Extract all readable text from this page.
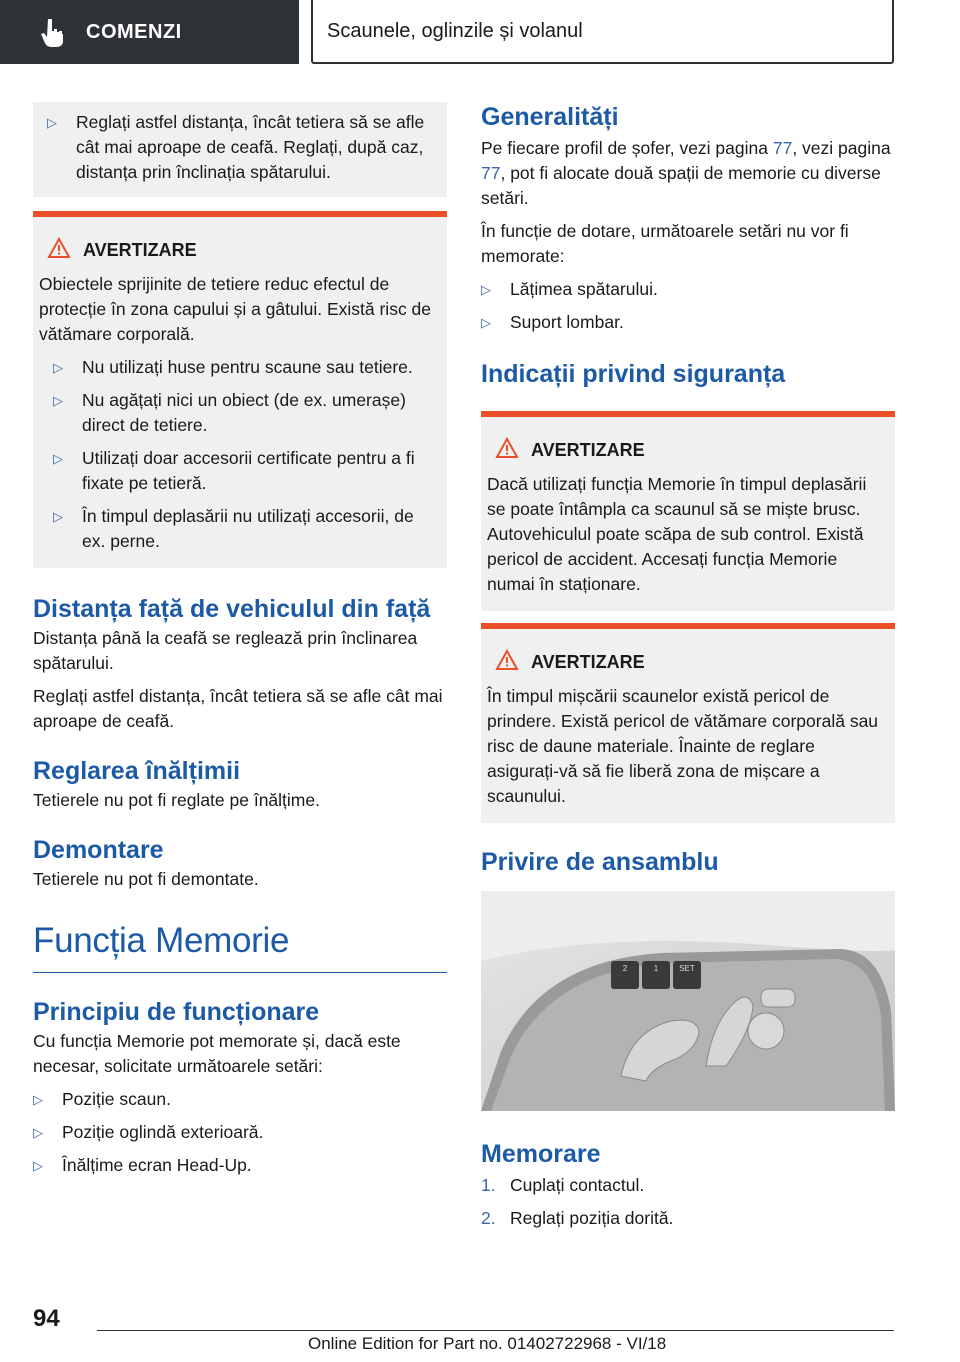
COMENZI	Scaunele, oglinzile și volanul
▷	Reglați astfel distanța, încât tetiera să se afle cât mai aproape de ceafă. Reglați, după caz, distanța prin înclinația spătarului.
AVERTIZARE

Obiectele sprijinite de tetiere reduc efectul de protecție în zona capului și a gâtului. Există risc de vătămare corporală.

▷	Nu utilizați huse pentru scaune sau tetiere.
▷	Nu agățați nici un obiect (de ex. umerașe) direct de tetiere.
▷	Utilizați doar accesorii certificate pentru a fi fixate pe tetieră.
▷	În timpul deplasării nu utilizați accesorii, de ex. perne.
Distanța față de vehiculul din față

Distanța până la ceafă se reglează prin înclinarea spătarului.

Reglați astfel distanța, încât tetiera să se afle cât mai aproape de ceafă.

Reglarea înălțimii

Tetierele nu pot fi reglate pe înălțime.

Demontare

Tetierele nu pot fi demontate.

Funcția Memorie
Principiu de funcționare

Cu funcția Memorie pot memorate și, dacă este necesar, solicitate următoarele setări:

▷	Poziție scaun.
▷	Poziție oglindă exterioară.
▷	Înălțime ecran Head-Up.
Generalități

Pe fiecare profil de șofer, vezi pagina 77, vezi pagina 77, pot fi alocate două spații de memorie cu diverse setări.

În funcție de dotare, următoarele setări nu vor fi memorate:

▷	Lățimea spătarului.
▷	Suport lombar.
Indicații privind siguranța
AVERTIZARE

Dacă utilizați funcția Memorie în timpul deplasării se poate întâmpla ca scaunul să se miște brusc. Autovehiculul poate scăpa de sub control. Există pericol de accident. Accesați funcția Memorie numai în staționare.

AVERTIZARE

În timpul mișcării scaunelor există pericol de prindere. Există pericol de vătămare corporală sau risc de daune materiale. Înainte de reglare asigurați-vă să fie liberă zona de mișcare a scaunului.

Privire de ansamblu
2	1	SET
Memorare
1. Cuplați contactul.
2. Reglați poziția dorită.
94
Online Edition for Part no. 01402722968 - VI/18
